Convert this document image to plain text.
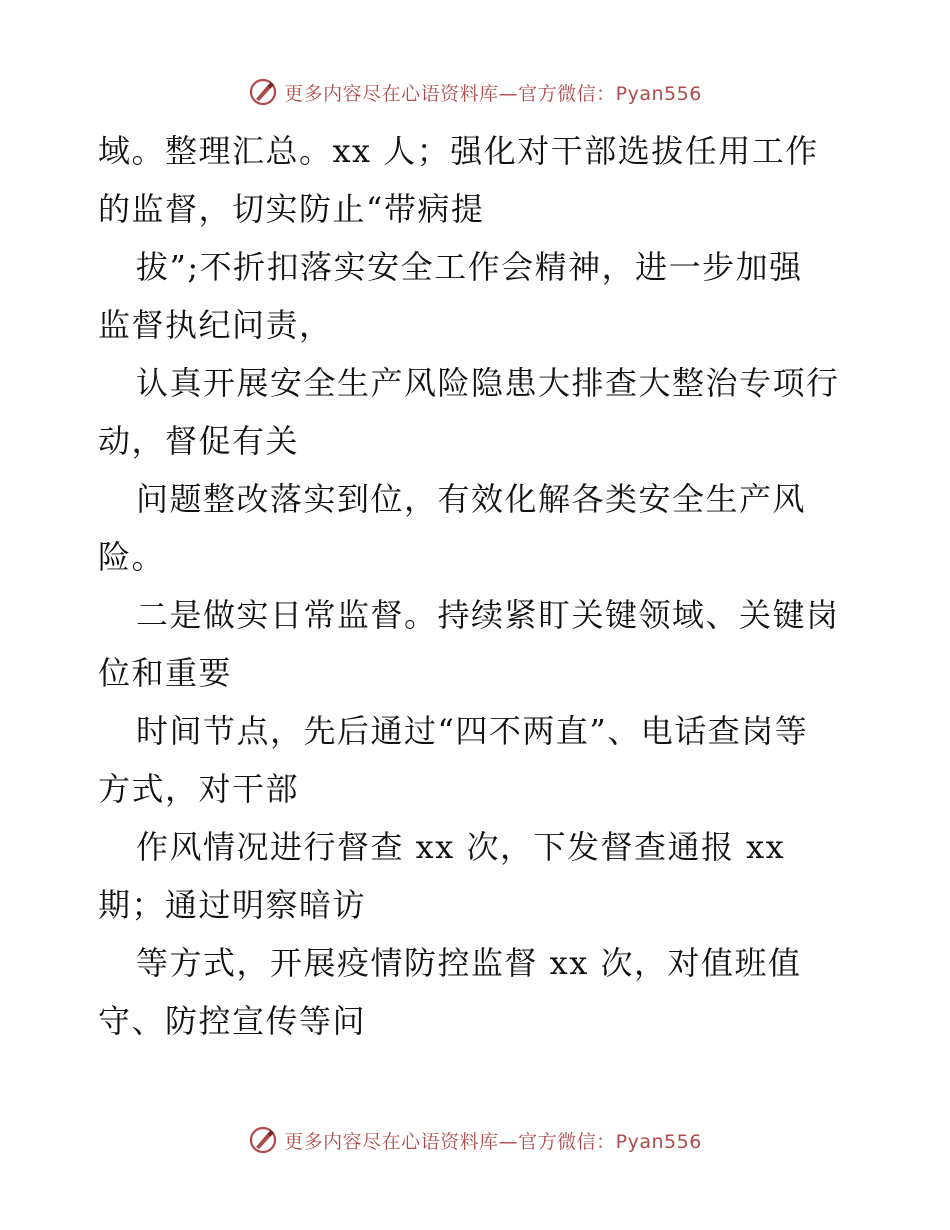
更多内容尽在心语资料库—官方微信：Pyan556
域。整理汇总。xx 人；强化对干部选拔任用工作
的监督，切实防止“带病提
拔”;不折扣落实安全工作会精神，进一步加强
监督执纪问责，
认真开展安全生产风险隐患大排查大整治专项行
动，督促有关
问题整改落实到位，有效化解各类安全生产风
险。
二是做实日常监督。持续紧盯关键领域、关键岗
位和重要
时间节点，先后通过“四不两直”、电话查岗等
方式，对干部
作风情况进行督查 xx 次，下发督查通报 xx
期；通过明察暗访
等方式，开展疫情防控监督 xx 次，对值班值
守、防控宣传等问
更多内容尽在心语资料库—官方微信：Pyan556
